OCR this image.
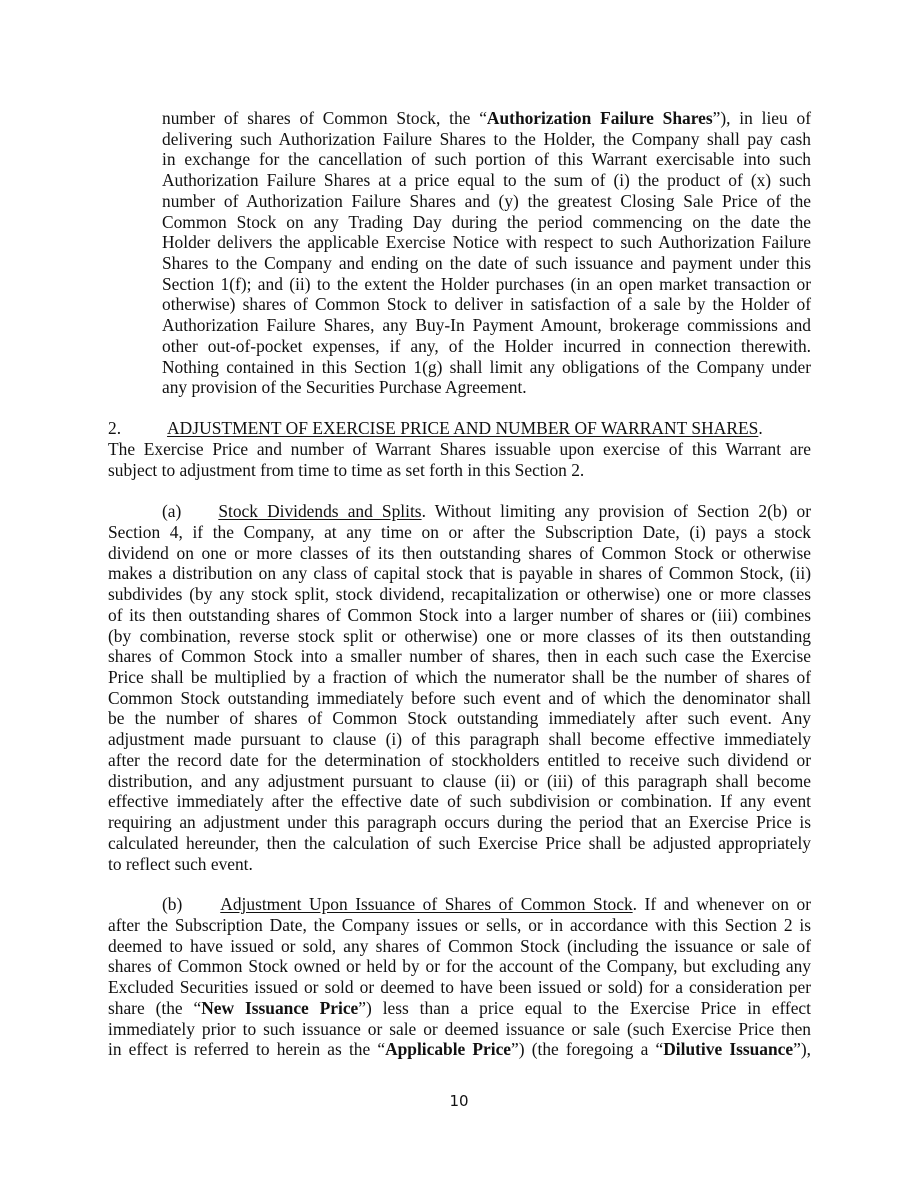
number of shares of Common Stock, the “Authorization Failure Shares”), in lieu of
delivering such Authorization Failure Shares to the Holder, the Company shall pay cash
in exchange for the cancellation of such portion of this Warrant exercisable into such
Authorization Failure Shares at a price equal to the sum of (i) the product of (x) such
number of Authorization Failure Shares and (y) the greatest Closing Sale Price of the
Common Stock on any Trading Day during the period commencing on the date the
Holder delivers the applicable Exercise Notice with respect to such Authorization Failure
Shares to the Company and ending on the date of such issuance and payment under this
Section 1(f); and (ii) to the extent the Holder purchases (in an open market transaction or
otherwise) shares of Common Stock to deliver in satisfaction of a sale by the Holder of
Authorization Failure Shares, any Buy-In Payment Amount, brokerage commissions and
other out-of-pocket expenses, if any, of the Holder incurred in connection therewith.
Nothing contained in this Section 1(g) shall limit any obligations of the Company under
any provision of the Securities Purchase Agreement.
2.	ADJUSTMENT OF EXERCISE PRICE AND NUMBER OF WARRANT SHARES.
The Exercise Price and number of Warrant Shares issuable upon exercise of this Warrant are
subject to adjustment from time to time as set forth in this Section 2.
(a) Stock Dividends and Splits. Without limiting any provision of Section 2(b) or
Section 4, if the Company, at any time on or after the Subscription Date, (i) pays a stock
dividend on one or more classes of its then outstanding shares of Common Stock or otherwise
makes a distribution on any class of capital stock that is payable in shares of Common Stock, (ii)
subdivides (by any stock split, stock dividend, recapitalization or otherwise) one or more classes
of its then outstanding shares of Common Stock into a larger number of shares or (iii) combines
(by combination, reverse stock split or otherwise) one or more classes of its then outstanding
shares of Common Stock into a smaller number of shares, then in each such case the Exercise
Price shall be multiplied by a fraction of which the numerator shall be the number of shares of
Common Stock outstanding immediately before such event and of which the denominator shall
be the number of shares of Common Stock outstanding immediately after such event. Any
adjustment made pursuant to clause (i) of this paragraph shall become effective immediately
after the record date for the determination of stockholders entitled to receive such dividend or
distribution, and any adjustment pursuant to clause (ii) or (iii) of this paragraph shall become
effective immediately after the effective date of such subdivision or combination. If any event
requiring an adjustment under this paragraph occurs during the period that an Exercise Price is
calculated hereunder, then the calculation of such Exercise Price shall be adjusted appropriately
to reflect such event.
(b) Adjustment Upon Issuance of Shares of Common Stock. If and whenever on or
after the Subscription Date, the Company issues or sells, or in accordance with this Section 2 is
deemed to have issued or sold, any shares of Common Stock (including the issuance or sale of
shares of Common Stock owned or held by or for the account of the Company, but excluding any
Excluded Securities issued or sold or deemed to have been issued or sold) for a consideration per
share (the “New Issuance Price”) less than a price equal to the Exercise Price in effect
immediately prior to such issuance or sale or deemed issuance or sale (such Exercise Price then
in effect is referred to herein as the “Applicable Price”) (the foregoing a “Dilutive Issuance”),
10
